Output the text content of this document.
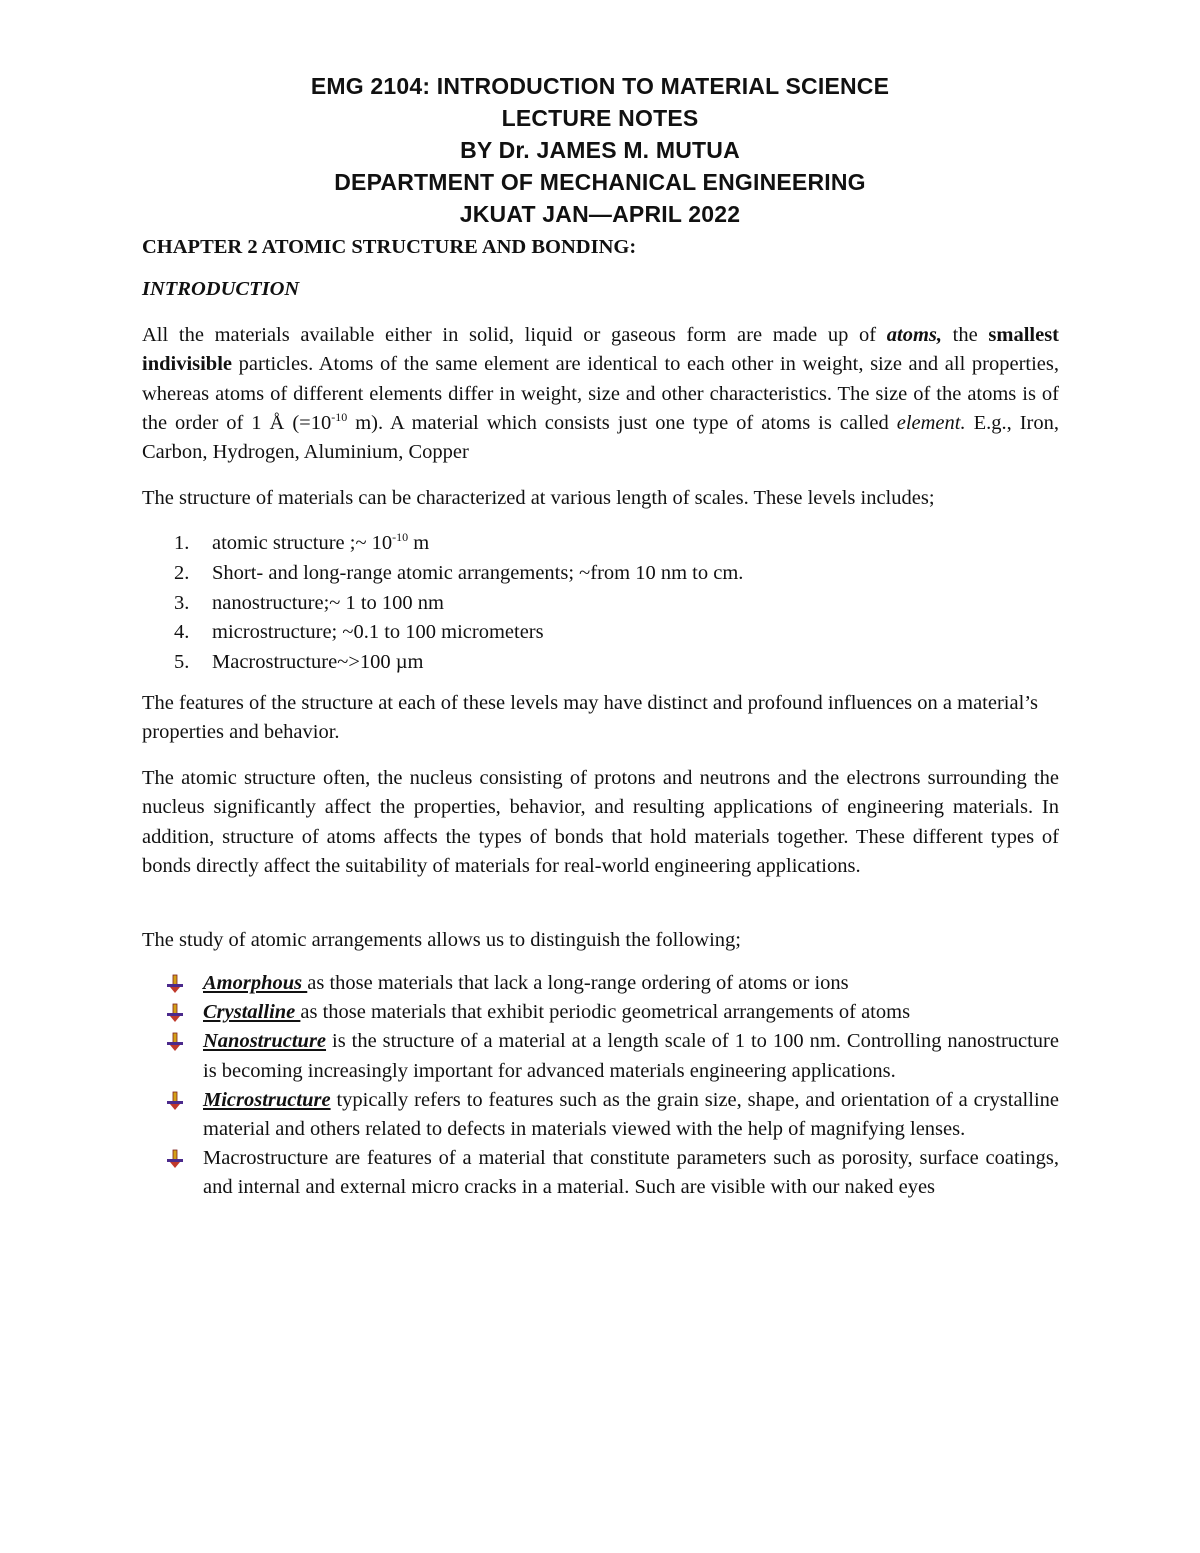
EMG 2104: INTRODUCTION TO MATERIAL SCIENCE
LECTURE NOTES
BY Dr. JAMES M. MUTUA
DEPARTMENT OF MECHANICAL ENGINEERING
JKUAT JAN—APRIL 2022
CHAPTER 2 ATOMIC STRUCTURE AND BONDING:
INTRODUCTION

All the materials available either in solid, liquid or gaseous form are made up of atoms, the smallest indivisible particles. Atoms of the same element are identical to each other in weight, size and all properties, whereas atoms of different elements differ in weight, size and other characteristics. The size of the atoms is of the order of 1 Å ($=10^{-10}$ m). A material which consists just one type of atoms is called element. E.g., Iron, Carbon, Hydrogen, Aluminium, Copper

The structure of materials can be characterized at various length of scales. These levels includes;

1. atomic structure ;~ $10^{-10}$ m
2. Short- and long-range atomic arrangements; ~from 10 nm to cm.
3. nanostructure;~ 1 to 100 nm
4. microstructure; ~0.1 to 100 micrometers
5. Macrostructure~>100 µm

The features of the structure at each of these levels may have distinct and profound influences on a material’s properties and behavior.

The atomic structure often, the nucleus consisting of protons and neutrons and the electrons surrounding the nucleus significantly affect the properties, behavior, and resulting applications of engineering materials. In addition, structure of atoms affects the types of bonds that hold materials together. These different types of bonds directly affect the suitability of materials for real-world engineering applications.

The study of atomic arrangements allows us to distinguish the following;

Amorphous as those materials that lack a long-range ordering of atoms or ions
Crystalline as those materials that exhibit periodic geometrical arrangements of atoms
Nanostructure is the structure of a material at a length scale of 1 to 100 nm. Controlling nanostructure is becoming increasingly important for advanced materials engineering applications.
Microstructure typically refers to features such as the grain size, shape, and orientation of a crystalline material and others related to defects in materials viewed with the help of magnifying lenses.
Macrostructure are features of a material that constitute parameters such as porosity, surface coatings, and internal and external micro cracks in a material. Such are visible with our naked eyes
